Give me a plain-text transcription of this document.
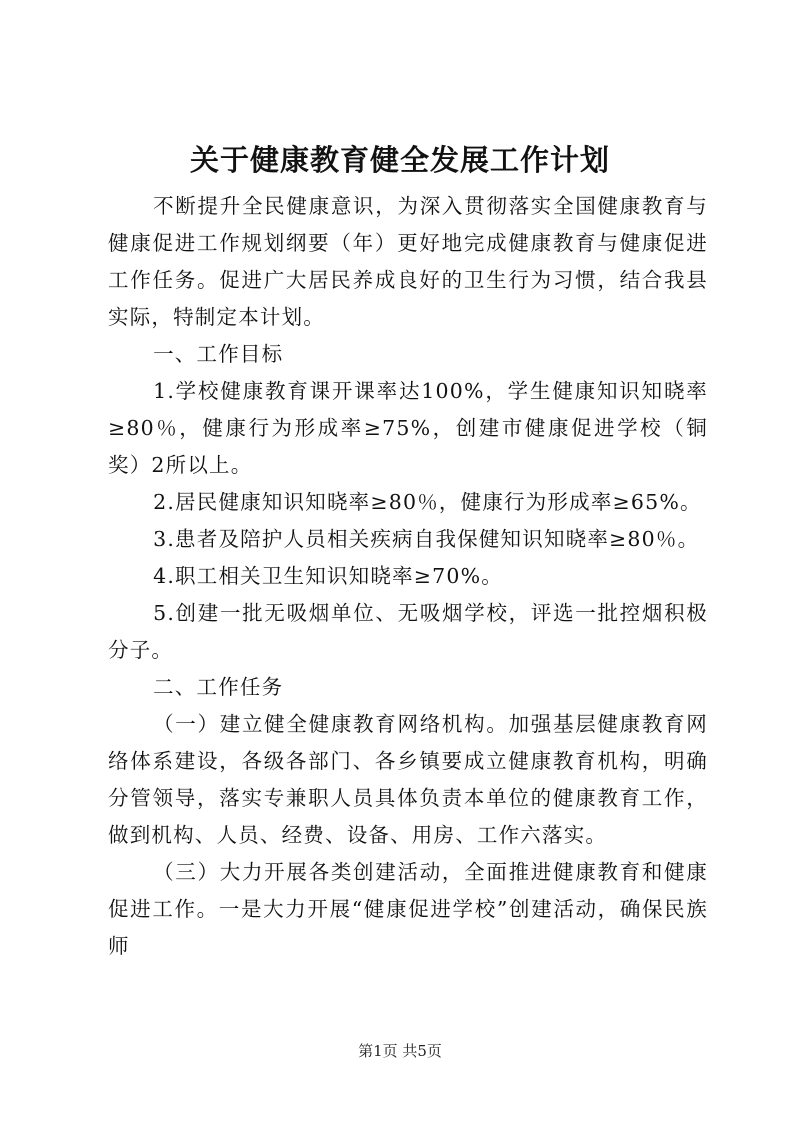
关于健康教育健全发展工作计划

不断提升全民健康意识，为深入贯彻落实全国健康教育与健康促进工作规划纲要（年）更好地完成健康教育与健康促进工作任务。促进广大居民养成良好的卫生行为习惯，结合我县实际，特制定本计划。

一、工作目标

1.学校健康教育课开课率达100%，学生健康知识知晓率≥80％，健康行为形成率≥75%，创建市健康促进学校（铜奖）2所以上。

2.居民健康知识知晓率≥80％，健康行为形成率≥65%。

3.患者及陪护人员相关疾病自我保健知识知晓率≥80％。

4.职工相关卫生知识知晓率≥70%。

5.创建一批无吸烟单位、无吸烟学校，评选一批控烟积极分子。

二、工作任务

（一）建立健全健康教育网络机构。加强基层健康教育网络体系建设，各级各部门、各乡镇要成立健康教育机构，明确分管领导，落实专兼职人员具体负责本单位的健康教育工作，做到机构、人员、经费、设备、用房、工作六落实。

（三）大力开展各类创建活动，全面推进健康教育和健康促进工作。一是大力开展“健康促进学校”创建活动，确保民族师

第1页 共5页
